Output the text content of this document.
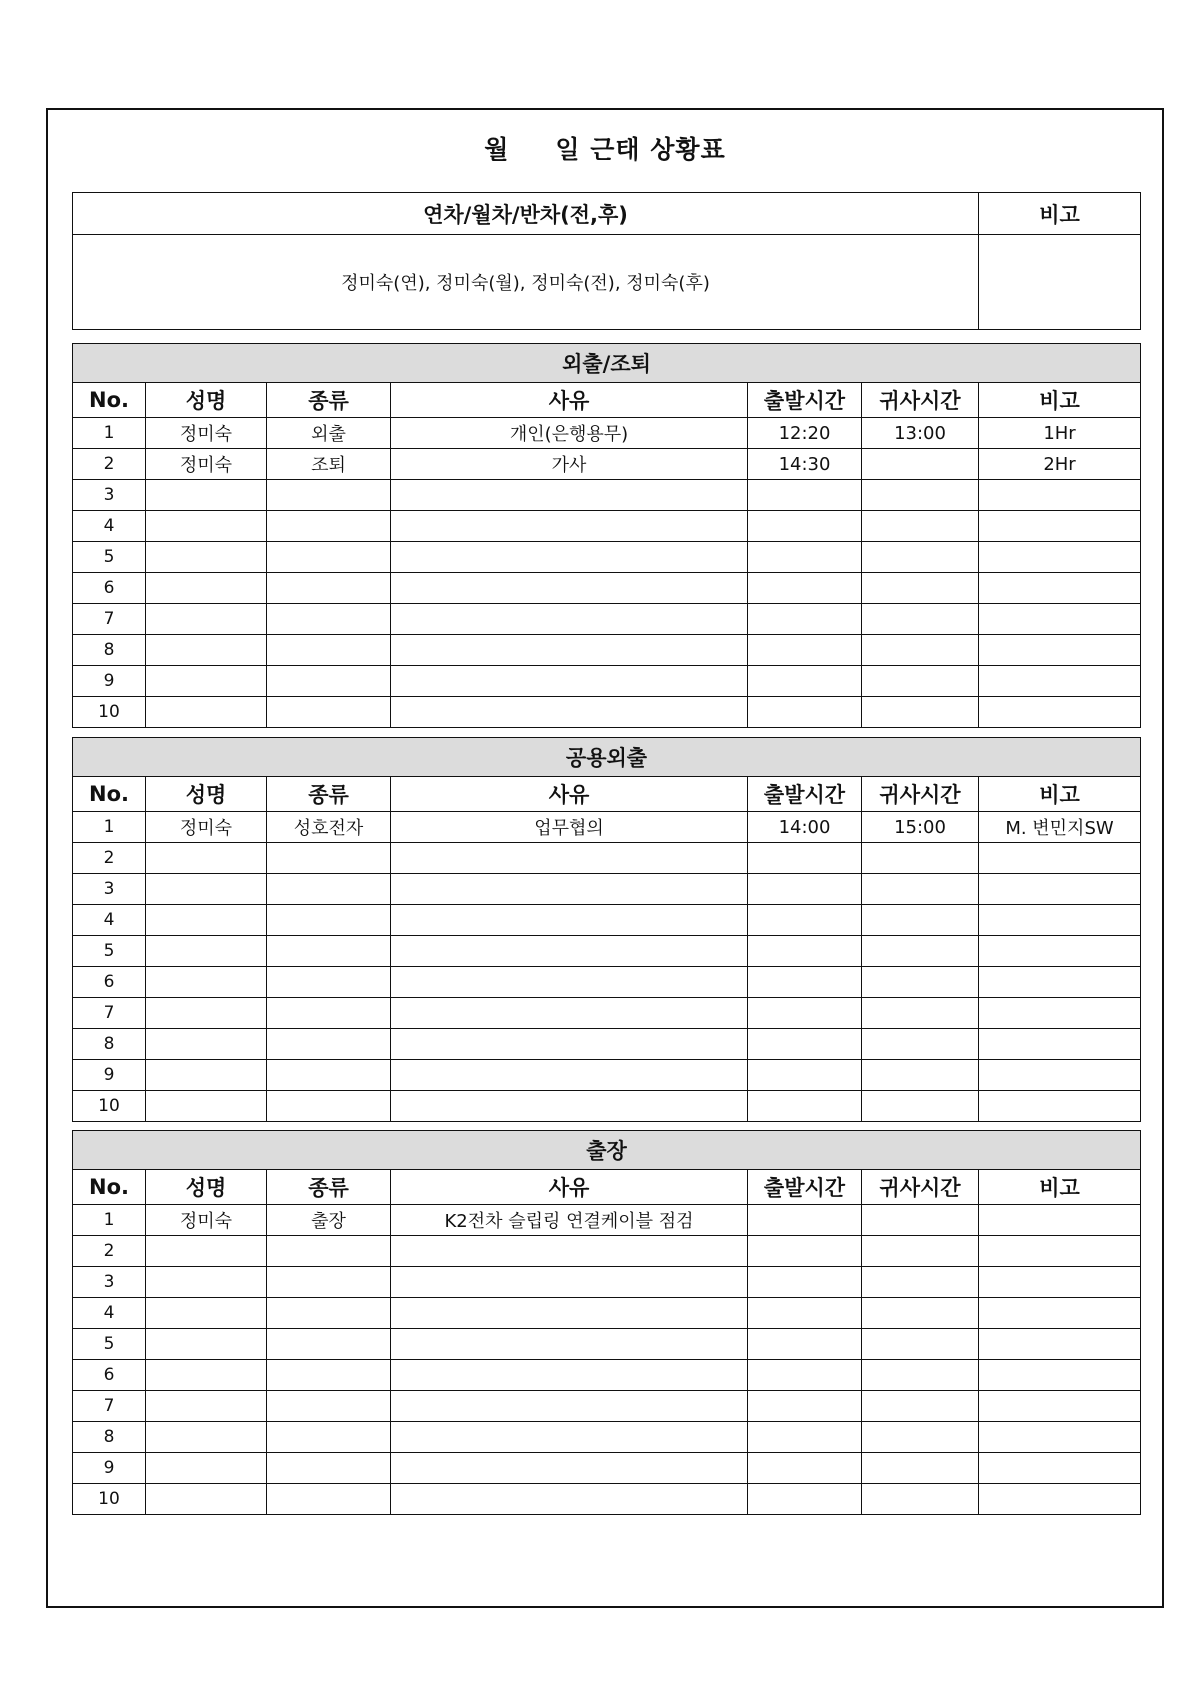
월 일 근태 상황표
연차/월차/반차(전,후)	비고
정미숙(연), 정미숙(월), 정미숙(전), 정미숙(후)	
외출/조퇴						
No.	성명	종류	사유	출발시간	귀사시간	비고
1	정미숙	외출	개인(은행용무)	12:20	13:00	1Hr
2	정미숙	조퇴	가사	14:30		2Hr
3						
4						
5						
6						
7						
8						
9						
10						
공용외출						
No.	성명	종류	사유	출발시간	귀사시간	비고
1	정미숙	성호전자	업무협의	14:00	15:00	M. 변민지SW
2						
3						
4						
5						
6						
7						
8						
9						
10						
출장						
No.	성명	종류	사유	출발시간	귀사시간	비고
1	정미숙	출장	K2전차 슬립링 연결케이블 점검			
2						
3						
4						
5						
6						
7						
8						
9						
10						
